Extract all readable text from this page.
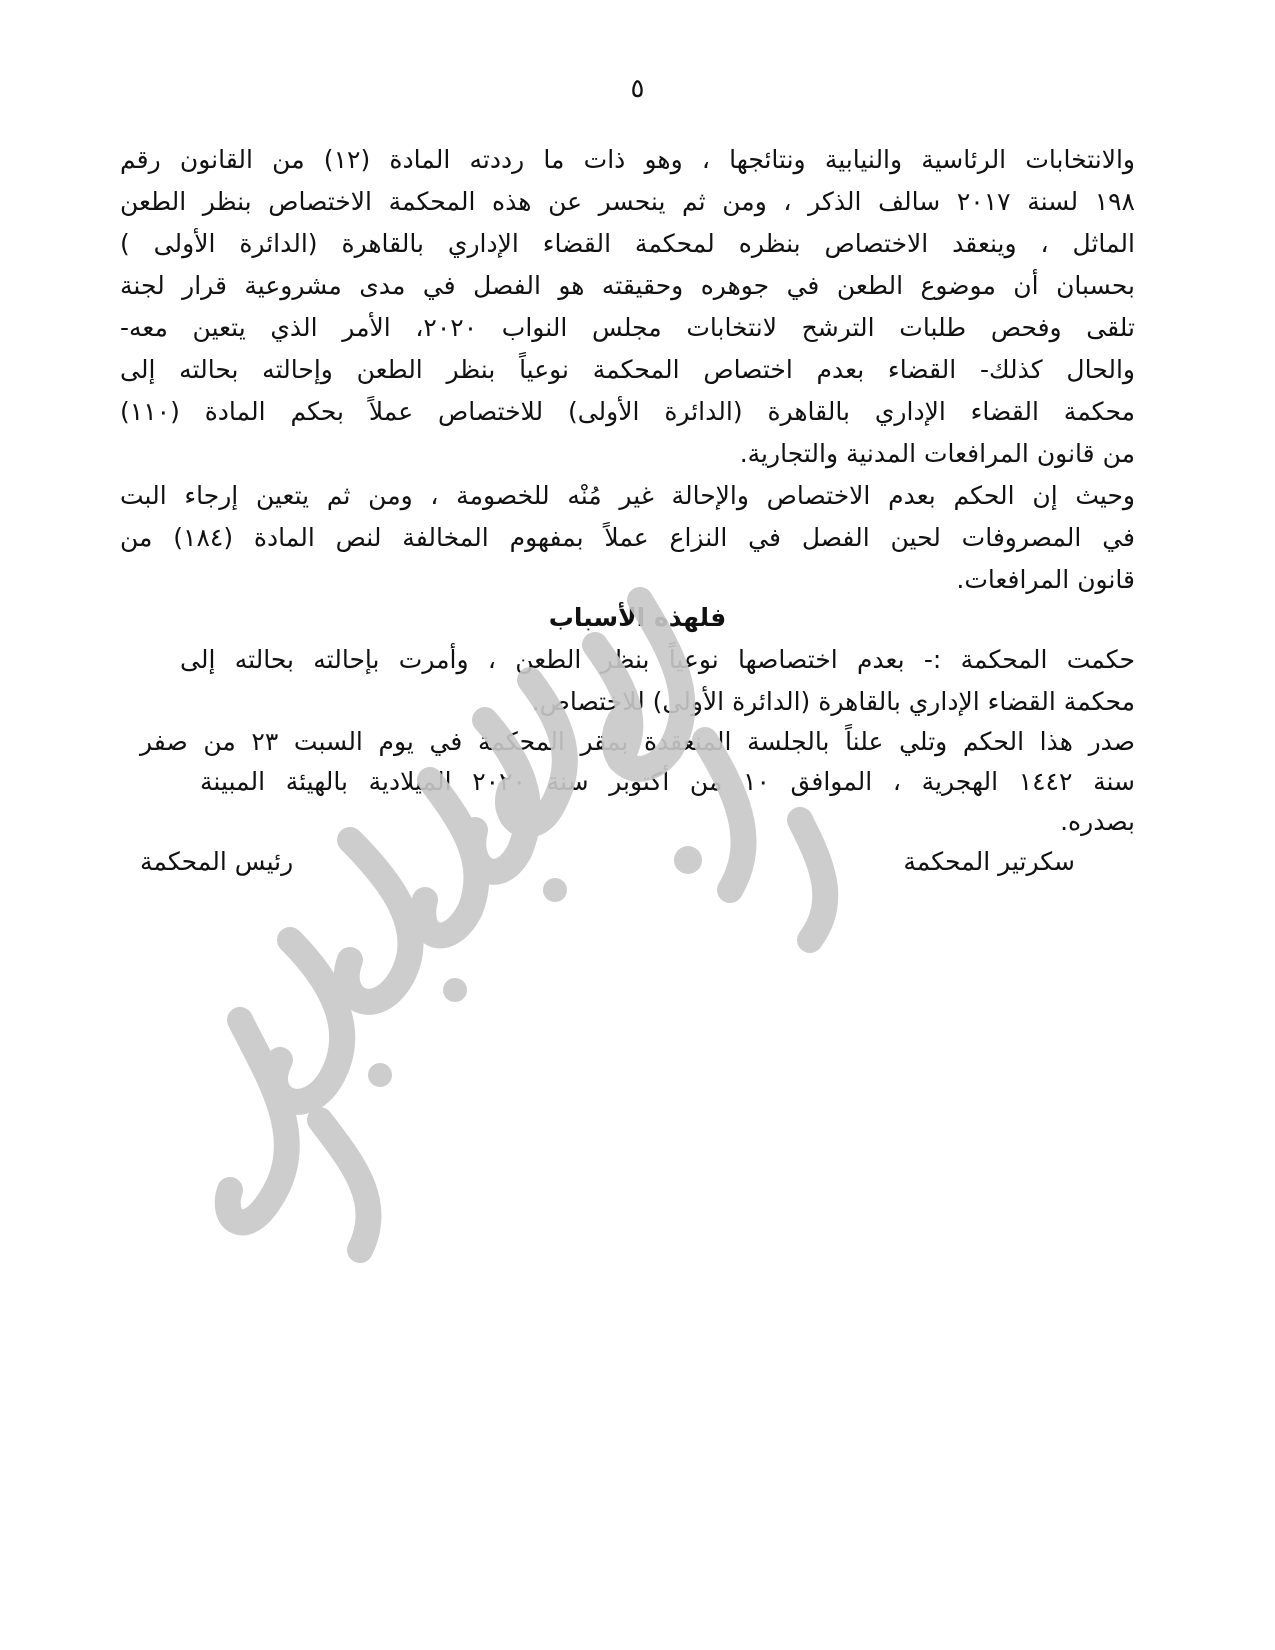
٥
والانتخابات الرئاسية والنيابية ونتائجها ، وهو ذات ما رددته المادة (١٢) من القانون رقم
١٩٨ لسنة ٢٠١٧ سالف الذكر ، ومن ثم ينحسر عن هذه المحكمة الاختصاص بنظر الطعن
الماثل ، وينعقد الاختصاص بنظره لمحكمة القضاء الإداري بالقاهرة (الدائرة الأولى )
بحسبان أن موضوع الطعن في جوهره وحقيقته هو الفصل في مدى مشروعية قرار لجنة
تلقى وفحص طلبات الترشح لانتخابات مجلس النواب ٢٠٢٠، الأمر الذي يتعين معه-
والحال كذلك- القضاء بعدم اختصاص المحكمة نوعياً بنظر الطعن وإحالته بحالته إلى
محكمة القضاء الإداري بالقاهرة (الدائرة الأولى) للاختصاص عملاً بحكم المادة (١١٠)
من قانون المرافعات المدنية والتجارية.
وحيث إن الحكم بعدم الاختصاص والإحالة غير مُنْه للخصومة ، ومن ثم يتعين إرجاء البت
في المصروفات لحين الفصل في النزاع عملاً بمفهوم المخالفة لنص المادة (١٨٤) من
قانون المرافعات.
فلهذه الأسباب
حكمت المحكمة :- بعدم اختصاصها نوعياً بنظر الطعن ، وأمرت بإحالته بحالته إلى
محكمة القضاء الإداري بالقاهرة (الدائرة الأولى) للاختصاص.
صدر هذا الحكم وتلي علناً بالجلسة المنعقدة بمقر المحكمة في يوم السبت ٢٣ من صفر
سنة ١٤٤٢ الهجرية ، الموافق ١٠ من أكتوبر سنة ٢٠٢٠ الميلادية بالهيئة المبينة
بصدره.
سكرتير المحكمة
رئيس المحكمة
